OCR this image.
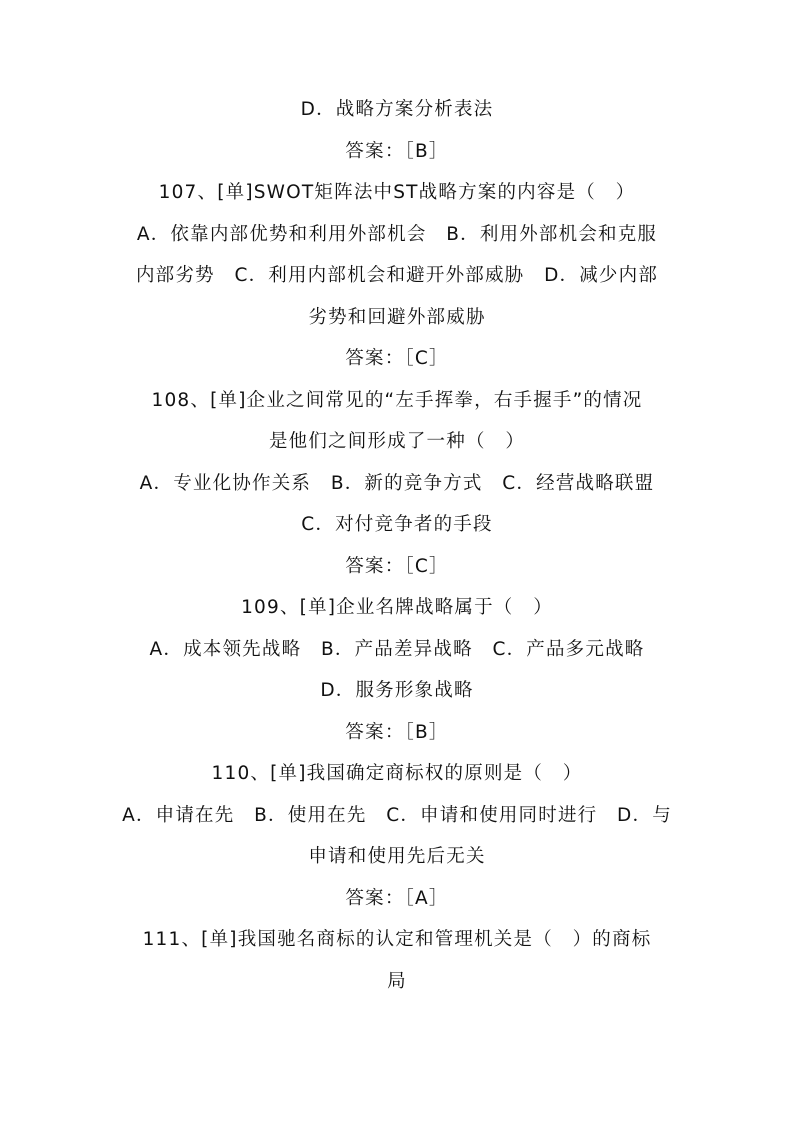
D．战略方案分析表法
答案：［B］
107、[单]SWOT矩阵法中ST战略方案的内容是（　）
A．依靠内部优势和利用外部机会　B．利用外部机会和克服
内部劣势　C．利用内部机会和避开外部威胁　D．减少内部
劣势和回避外部威胁
答案：［C］
108、[单]企业之间常见的“左手挥拳，右手握手”的情况
是他们之间形成了一种（　）
A．专业化协作关系　B．新的竞争方式　C．经营战略联盟
C．对付竞争者的手段
答案：［C］
109、[单]企业名牌战略属于（　）
A．成本领先战略　B．产品差异战略　C．产品多元战略
D．服务形象战略
答案：［B］
110、[单]我国确定商标权的原则是（　）
A．申请在先　B．使用在先　C．申请和使用同时进行　D．与
申请和使用先后无关
答案：［A］
111、[单]我国驰名商标的认定和管理机关是（　）的商标
局
